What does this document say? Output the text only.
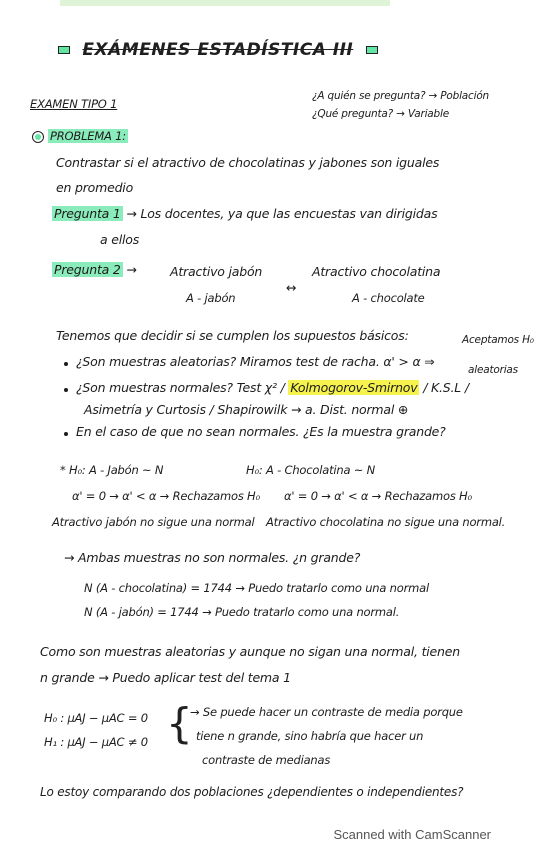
EXÁMENES ESTADÍSTICA III
EXAMEN TIPO 1
¿A quién se pregunta? → Población
¿Qué pregunta? → Variable
PROBLEMA 1:
Contrastar si el atractivo de chocolatinas y jabones son iguales
en promedio
Pregunta 1 → Los docentes, ya que las encuestas van dirigidas
a ellos
Pregunta 2 →	Atractivo jabón	Atractivo chocolatina
A - jabón
↔
A - chocolate
Tenemos que decidir si se cumplen los supuestos básicos:	Aceptamos H₀
¿Son muestras aleatorias? Miramos test de racha. α' > α ⇒
aleatorias
¿Son muestras normales? Test χ² / Kolmogorov-Smirnov / K.S.L /
Asimetría y Curtosis / Shapirowilk → a. Dist. normal ⊕
En el caso de que no sean normales. ¿Es la muestra grande?
* H₀: A - Jabón ~ N	H₀: A - Chocolatina ~ N
α' = 0 → α' < α → Rechazamos H₀ α' = 0 → α' < α → Rechazamos H₀
Atractivo jabón no sigue una normal Atractivo chocolatina no sigue una normal.
→ Ambas muestras no son normales. ¿n grande?
N (A - chocolatina) = 1744 → Puedo tratarlo como una normal
N (A - jabón) = 1744 → Puedo tratarlo como una normal.
Como son muestras aleatorias y aunque no sigan una normal, tienen
n grande → Puedo aplicar test del tema 1
H₀ : μAJ − μAC = 0
H₁ : μAJ − μAC ≠ 0 {
→ Se puede hacer un contraste de media porque
tiene n grande, sino habría que hacer un
contraste de medianas
Lo estoy comparando dos poblaciones ¿dependientes o independientes?
Scanned with CamScanner
